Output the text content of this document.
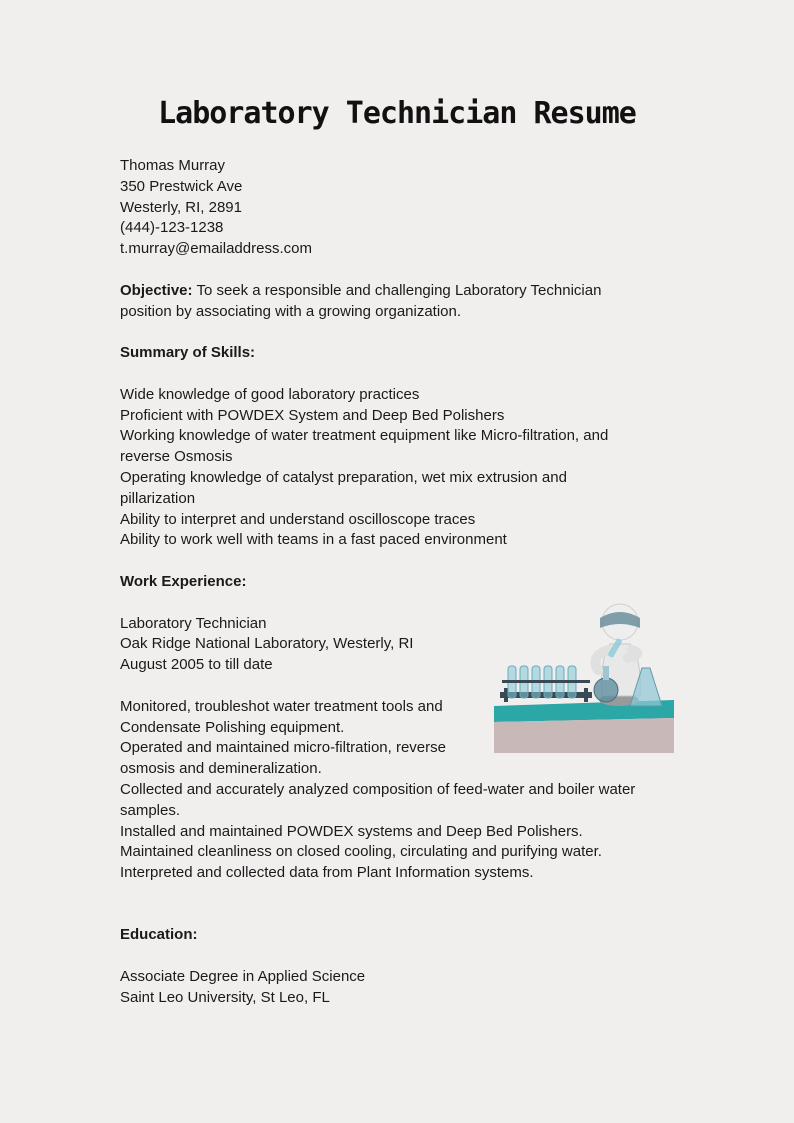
Laboratory Technician Resume
Thomas Murray
350 Prestwick Ave
Westerly, RI, 2891
(444)-123-1238
t.murray@emailaddress.com
Objective: To seek a responsible and challenging Laboratory Technician
position by associating with a growing organization.
Summary of Skills:
Wide knowledge of good laboratory practices
Proficient with POWDEX System and Deep Bed Polishers
Working knowledge of water treatment equipment like Micro-filtration, and
reverse Osmosis
Operating knowledge of catalyst preparation, wet mix extrusion and
pillarization
Ability to interpret and understand oscilloscope traces
Ability to work well with teams in a fast paced environment
Work Experience:
Laboratory Technician
Oak Ridge National Laboratory, Westerly, RI
August 2005 to till date
Monitored, troubleshot water treatment tools and
Condensate Polishing equipment.
Operated and maintained micro-filtration, reverse
osmosis and demineralization.
Collected and accurately analyzed composition of feed-water and boiler water
samples.
Installed and maintained POWDEX systems and Deep Bed Polishers.
Maintained cleanliness on closed cooling, circulating and purifying water.
Interpreted and collected data from Plant Information systems.
Education:
Associate Degree in Applied Science
Saint Leo University, St Leo, FL
